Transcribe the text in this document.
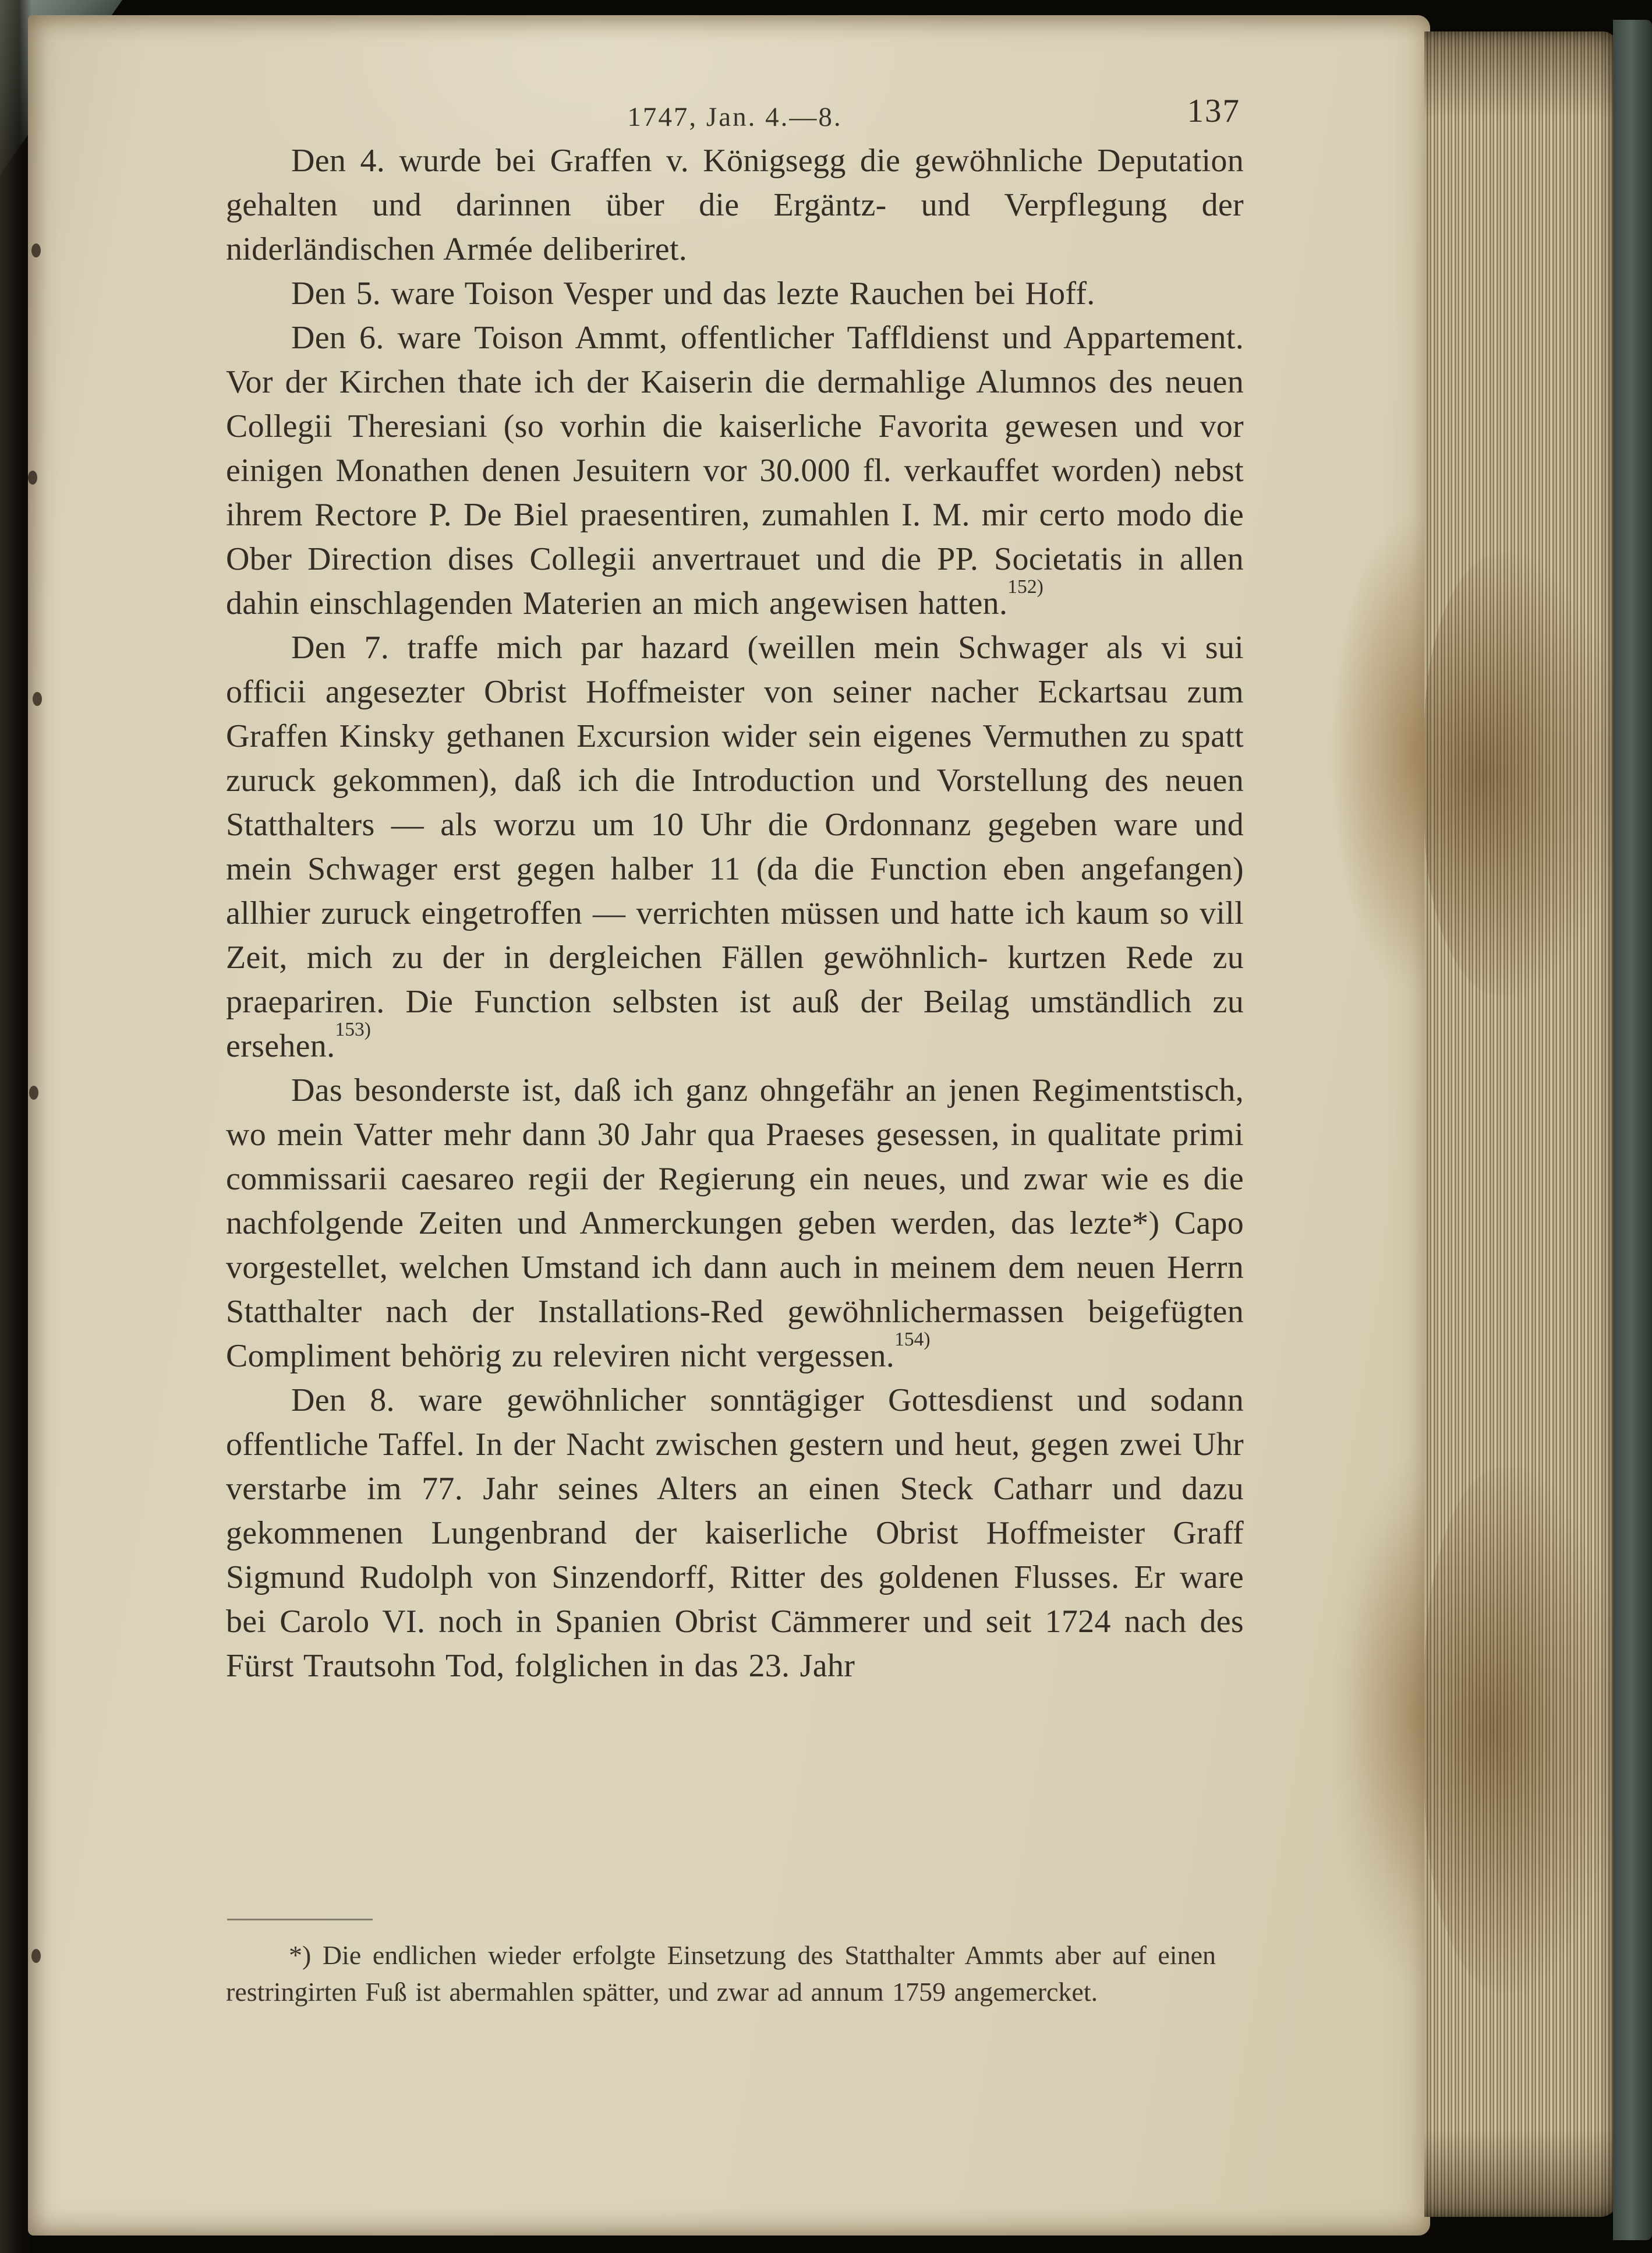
1747, Jan. 4.—8.	137

Den 4. wurde bei Graffen v. Königsegg die gewöhnliche Deputation gehalten und darinnen über die Ergäntz- und Verpflegung der niderländischen Armée deliberiret.

Den 5. ware Toison Vesper und das lezte Rauchen bei Hoff.

Den 6. ware Toison Ammt, offentlicher Taffldienst und Appartement. Vor der Kirchen thate ich der Kaiserin die dermahlige Alumnos des neuen Collegii Theresiani (so vorhin die kaiserliche Favorita gewesen und vor einigen Monathen denen Jesuitern vor 30.000 fl. verkauffet worden) nebst ihrem Rectore P. De Biel praesentiren, zumahlen I. M. mir certo modo die Ober Direction dises Collegii anvertrauet und die PP. Societatis in allen dahin einschlagenden Materien an mich angewisen hatten.$^{152)}$

Den 7. traffe mich par hazard (weillen mein Schwager als vi sui officii angesezter Obrist Hoffmeister von seiner nacher Eckartsau zum Graffen Kinsky gethanen Excursion wider sein eigenes Vermuthen zu spatt zuruck gekommen), daß ich die Introduction und Vorstellung des neuen Statthalters — als worzu um 10 Uhr die Ordonnanz gegeben ware und mein Schwager erst gegen halber 11 (da die Function eben angefangen) allhier zuruck eingetroffen — verrichten müssen und hatte ich kaum so vill Zeit, mich zu der in dergleichen Fällen gewöhnlich- kurtzen Rede zu praepariren. Die Function selbsten ist auß der Beilag umständlich zu ersehen.$^{153)}$

Das besonderste ist, daß ich ganz ohngefähr an jenen Regimentstisch, wo mein Vatter mehr dann 30 Jahr qua Praeses gesessen, in qualitate primi commissarii caesareo regii der Regierung ein neues, und zwar wie es die nachfolgende Zeiten und Anmerckungen geben werden, das lezte*) Capo vorgestellet, welchen Umstand ich dann auch in meinem dem neuen Herrn Statthalter nach der Installations-Red gewöhnlichermassen beigefügten Compliment behörig zu releviren nicht vergessen.$^{154)}$

Den 8. ware gewöhnlicher sonntägiger Gottesdienst und sodann offentliche Taffel. In der Nacht zwischen gestern und heut, gegen zwei Uhr verstarbe im 77. Jahr seines Alters an einen Steck Catharr und dazu gekommenen Lungenbrand der kaiserliche Obrist Hoffmeister Graff Sigmund Rudolph von Sinzendorff, Ritter des goldenen Flusses. Er ware bei Carolo VI. noch in Spanien Obrist Cämmerer und seit 1724 nach des Fürst Trautsohn Tod, folglichen in das 23. Jahr

*) Die endlichen wieder erfolgte Einsetzung des Statthalter Ammts aber auf einen restringirten Fuß ist abermahlen spätter, und zwar ad annum 1759 angemercket.
